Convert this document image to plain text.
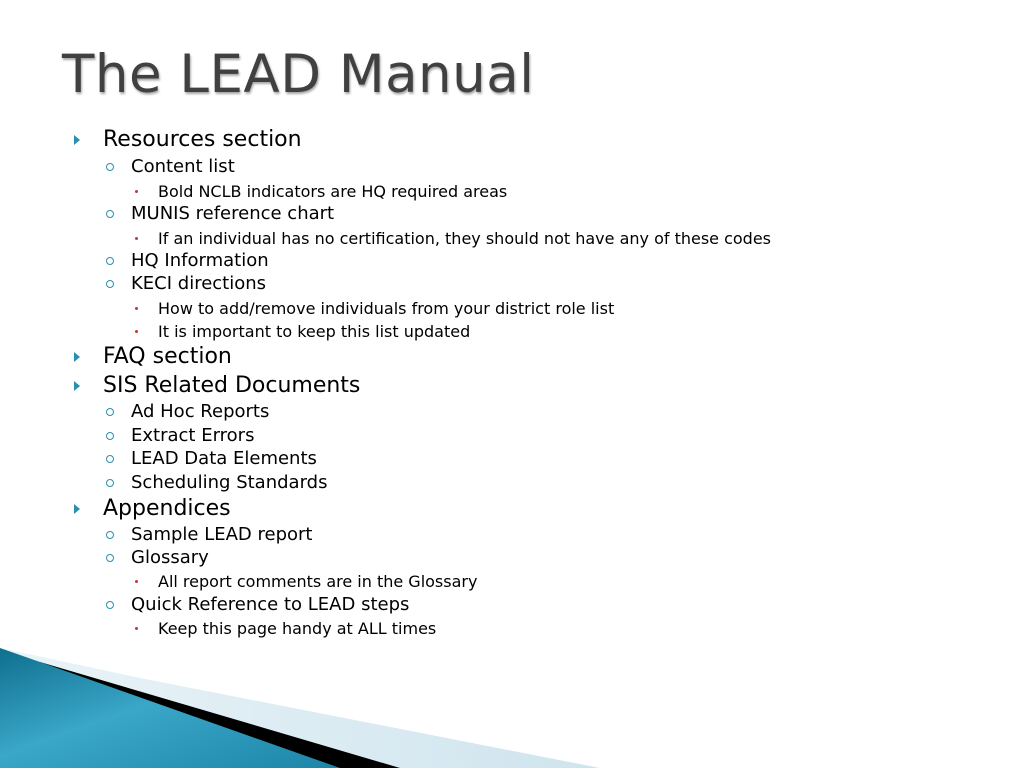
The LEAD Manual
Resources section
Content list
Bold NCLB indicators are HQ required areas
MUNIS reference chart
If an individual has no certification, they should not have any of these codes
HQ Information
KECI directions
How to add/remove individuals from your district role list
It is important to keep this list updated
FAQ section
SIS Related Documents
Ad Hoc Reports
Extract Errors
LEAD Data Elements
Scheduling Standards
Appendices
Sample LEAD report
Glossary
All report comments are in the Glossary
Quick Reference to LEAD steps
Keep this page handy at ALL times
